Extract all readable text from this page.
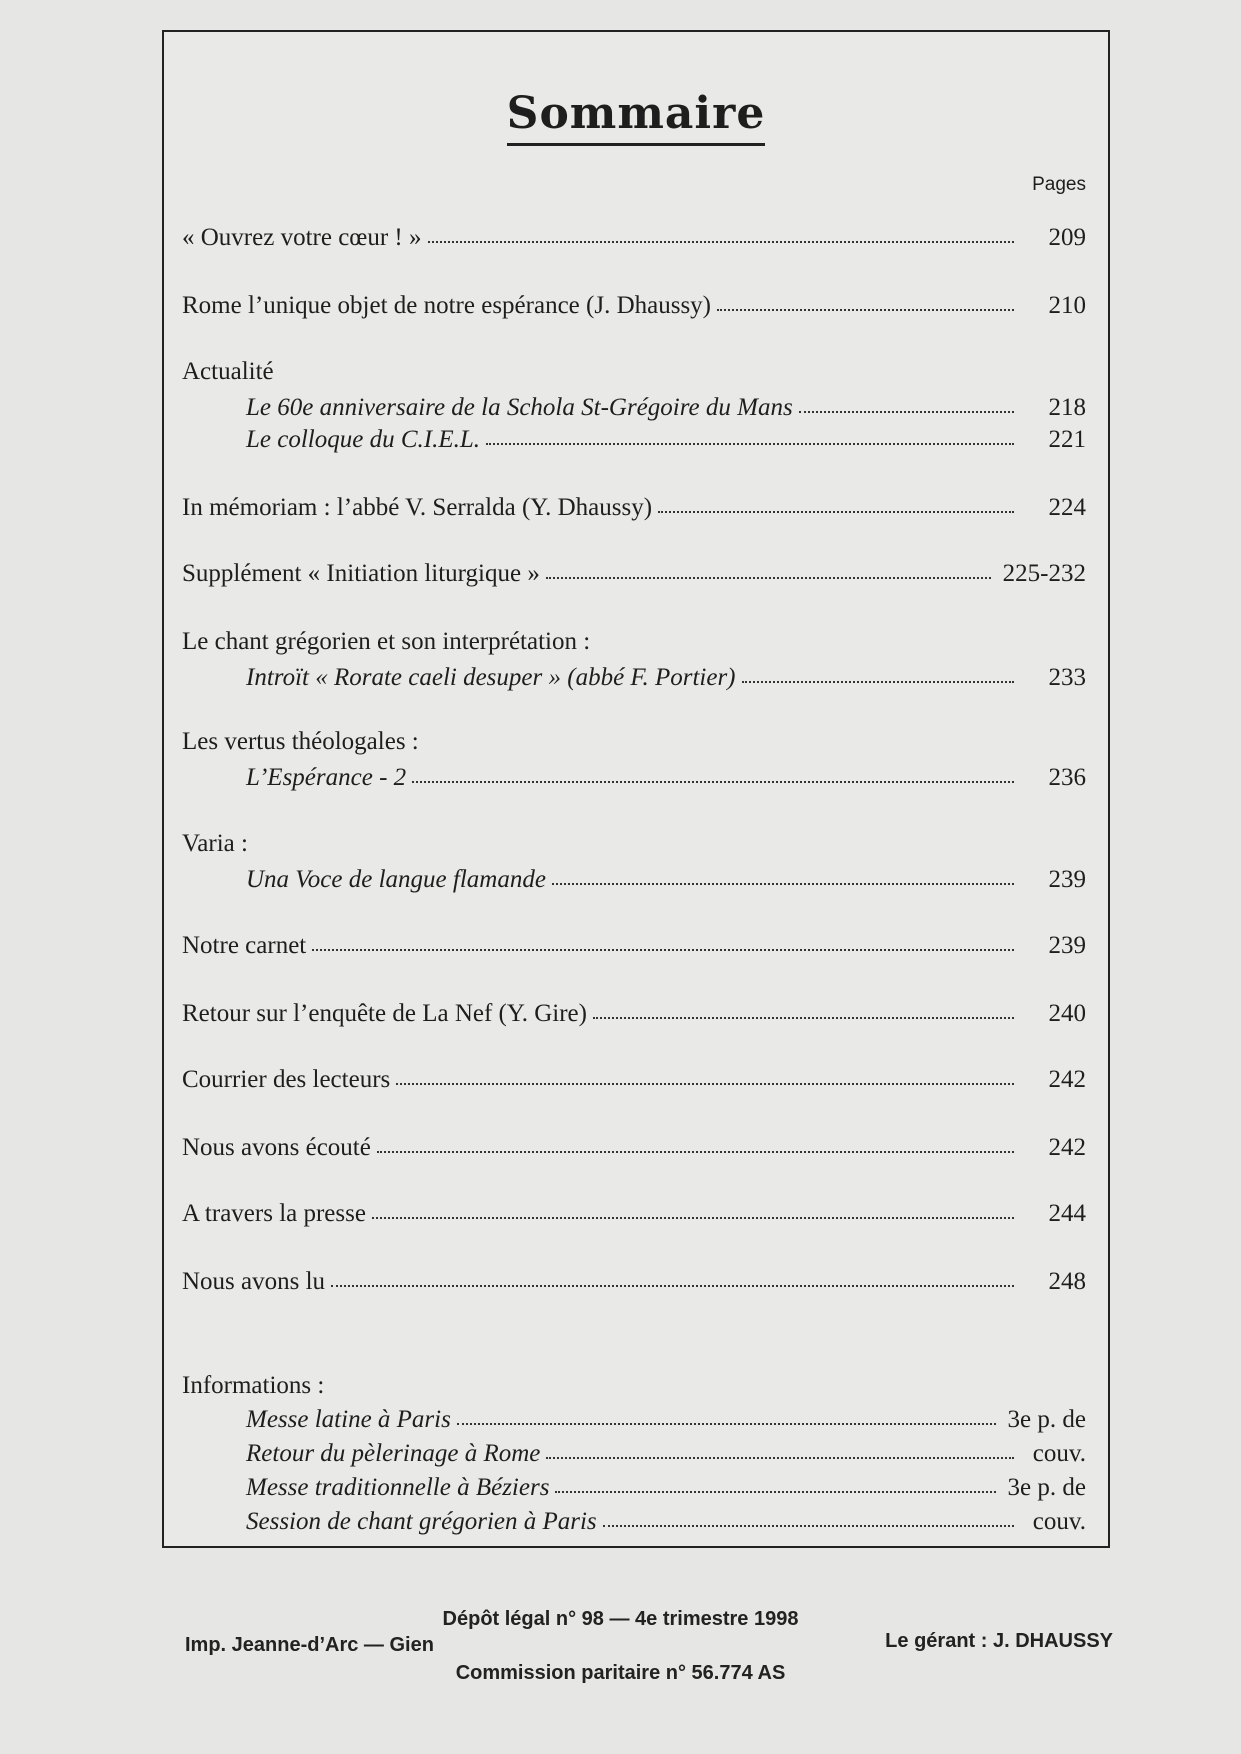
Sommaire
Pages
« Ouvrez votre cœur ! »	209
Rome l’unique objet de notre espérance (J. Dhaussy)	210
Actualité
Le 60e anniversaire de la Schola St-Grégoire du Mans	218
Le colloque du C.I.E.L.	221
In mémoriam : l’abbé V. Serralda (Y. Dhaussy)	224
Supplément « Initiation liturgique »	225-232
Le chant grégorien et son interprétation :
Introït « Rorate caeli desuper » (abbé F. Portier)	233
Les vertus théologales :
L’Espérance - 2	236
Varia :
Una Voce de langue flamande	239
Notre carnet	239
Retour sur l’enquête de La Nef (Y. Gire)	240
Courrier des lecteurs	242
Nous avons écouté	242
A travers la presse	244
Nous avons lu	248
Informations :
Messe latine à Paris	3e p. de
Retour du pèlerinage à Rome	couv.
Messe traditionnelle à Béziers	3e p. de
Session de chant grégorien à Paris	couv.
Dépôt légal n° 98 — 4e trimestre 1998
Imp. Jeanne-d’Arc — Gien	Le gérant : J. DHAUSSY
Commission paritaire n° 56.774 AS
